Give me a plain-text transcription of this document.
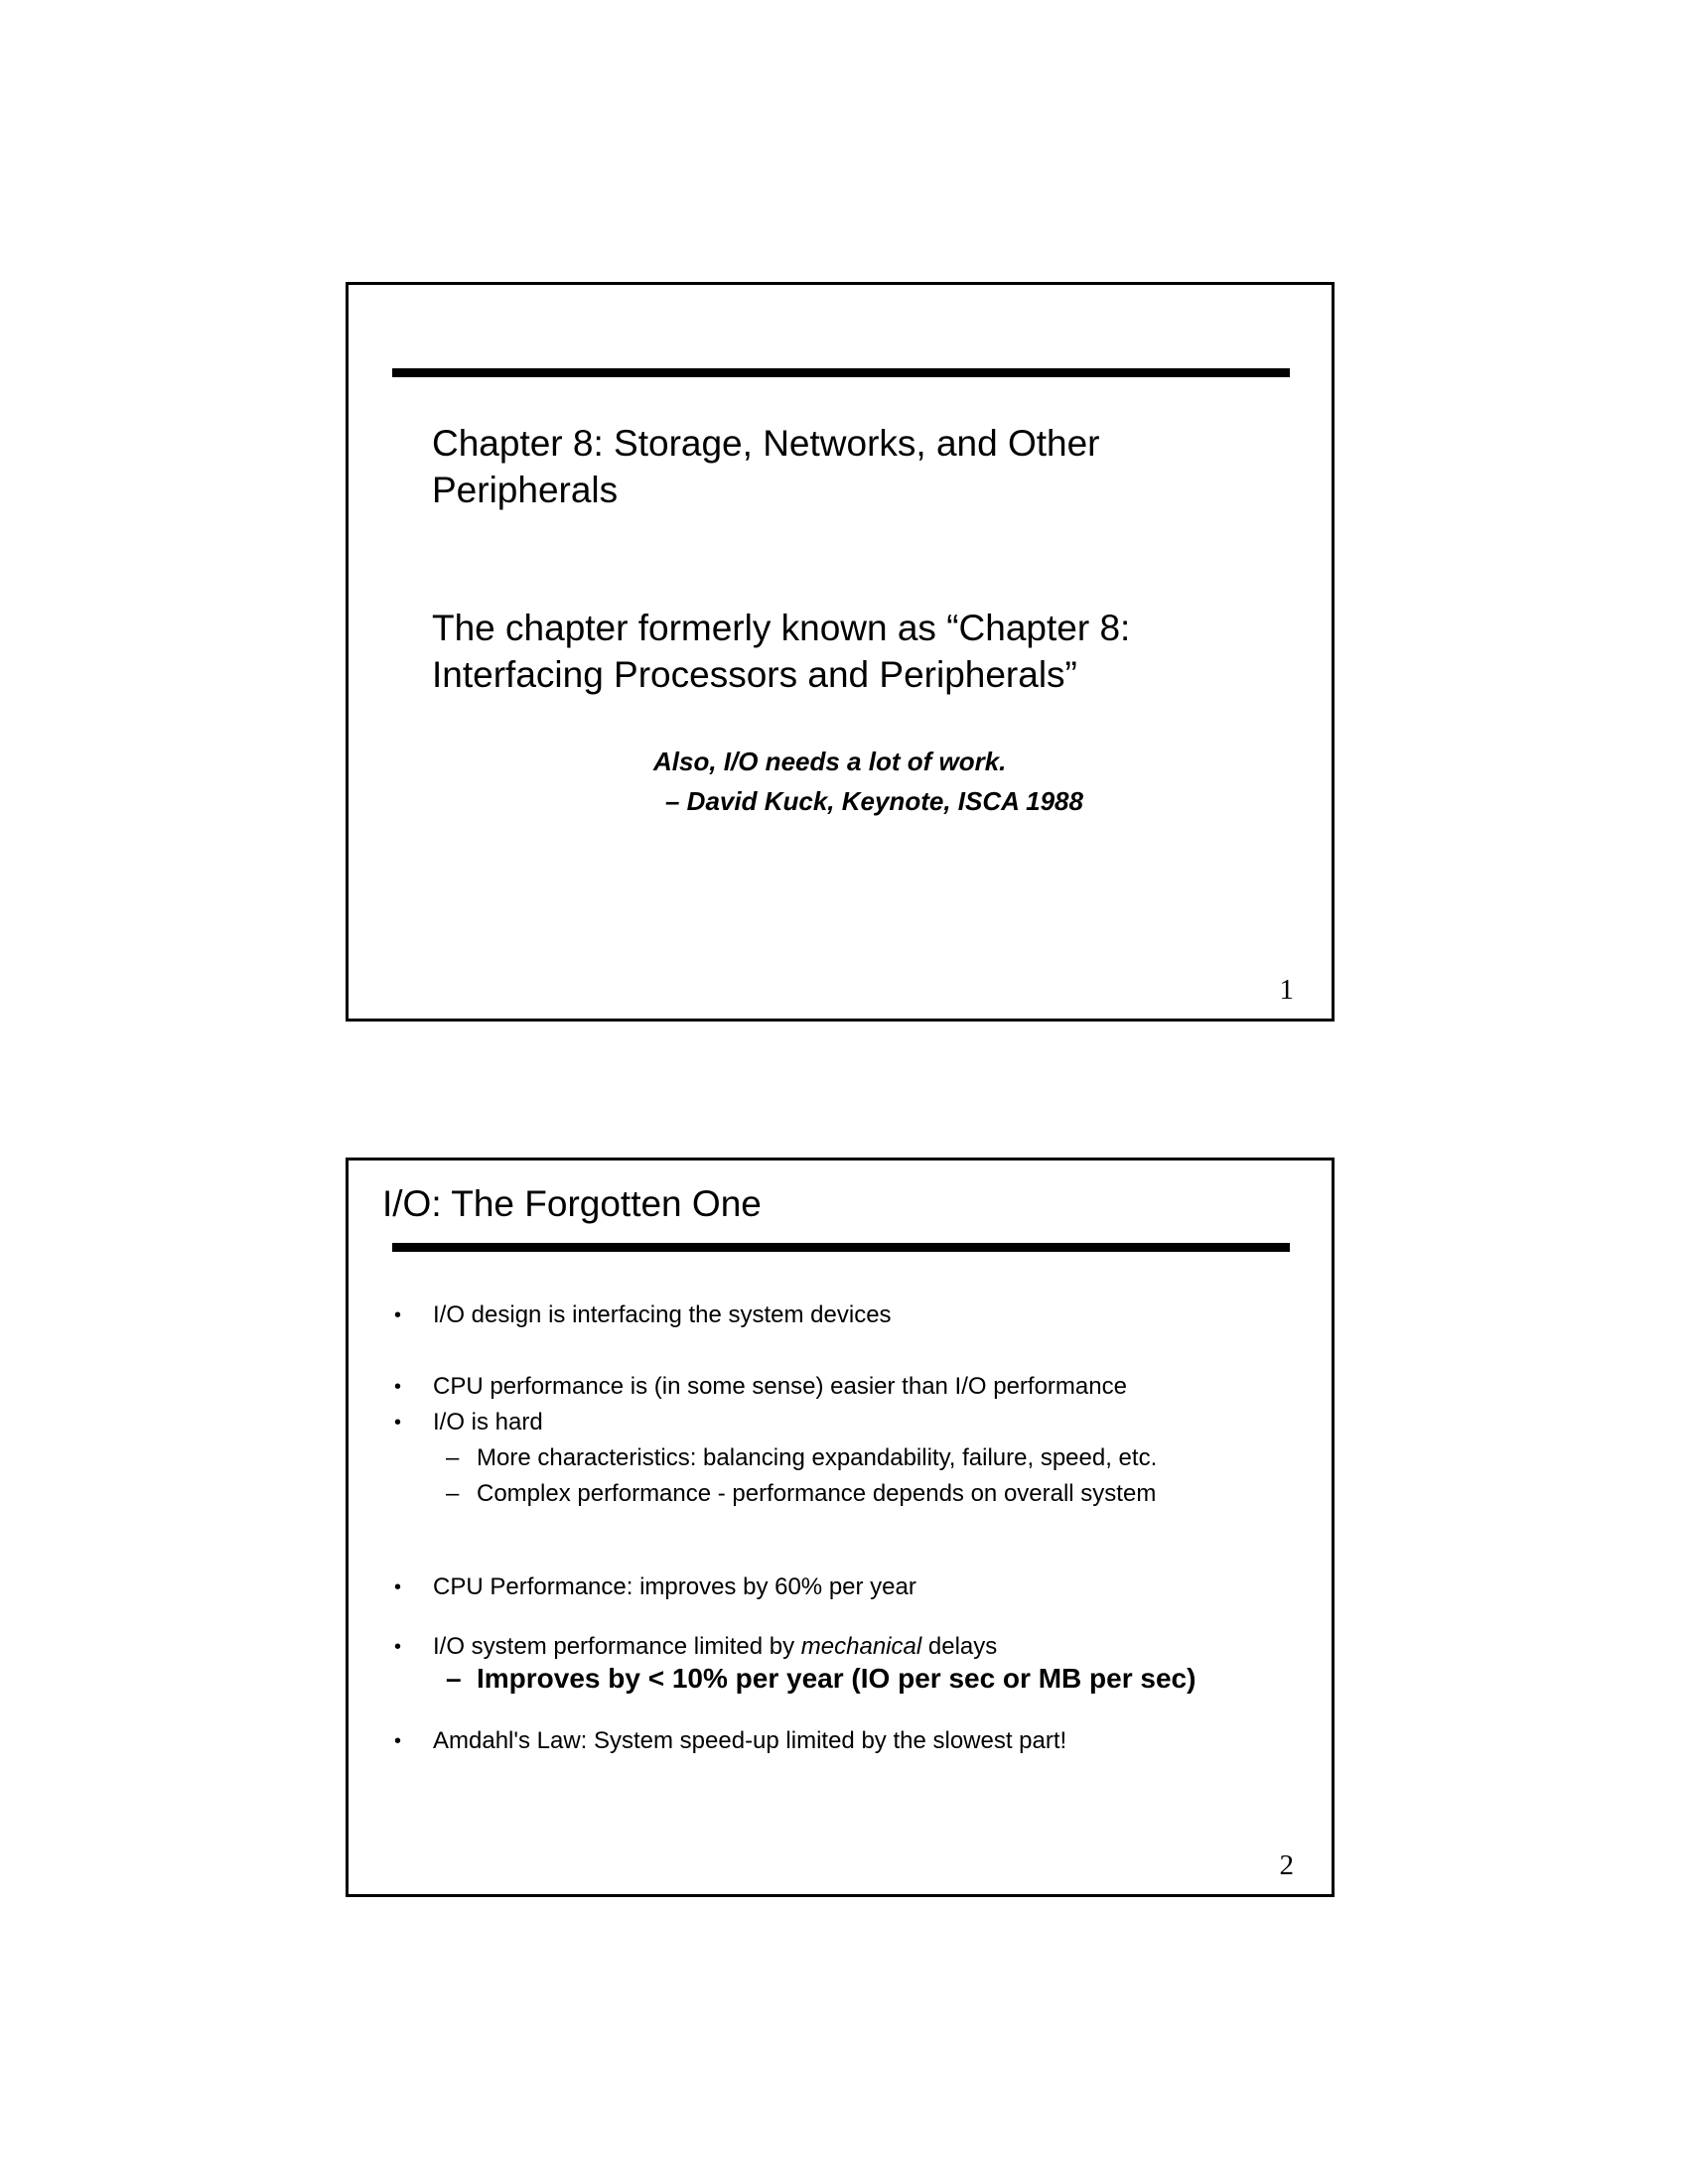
Chapter 8: Storage, Networks, and Other Peripherals
The chapter formerly known as “Chapter 8: Interfacing Processors and Peripherals”
Also, I/O needs a lot of work.
– David Kuck, Keynote, ISCA 1988
1
I/O: The Forgotten One
• I/O design is interfacing the system devices
• CPU performance is (in some sense) easier than I/O performance
• I/O is hard
– More characteristics: balancing expandability, failure, speed, etc.
– Complex performance - performance depends on overall system
• CPU Performance: improves by 60% per year
• I/O system performance limited by mechanical delays
– Improves by < 10% per year (IO per sec or MB per sec)
• Amdahl's Law: System speed-up limited by the slowest part!
2
